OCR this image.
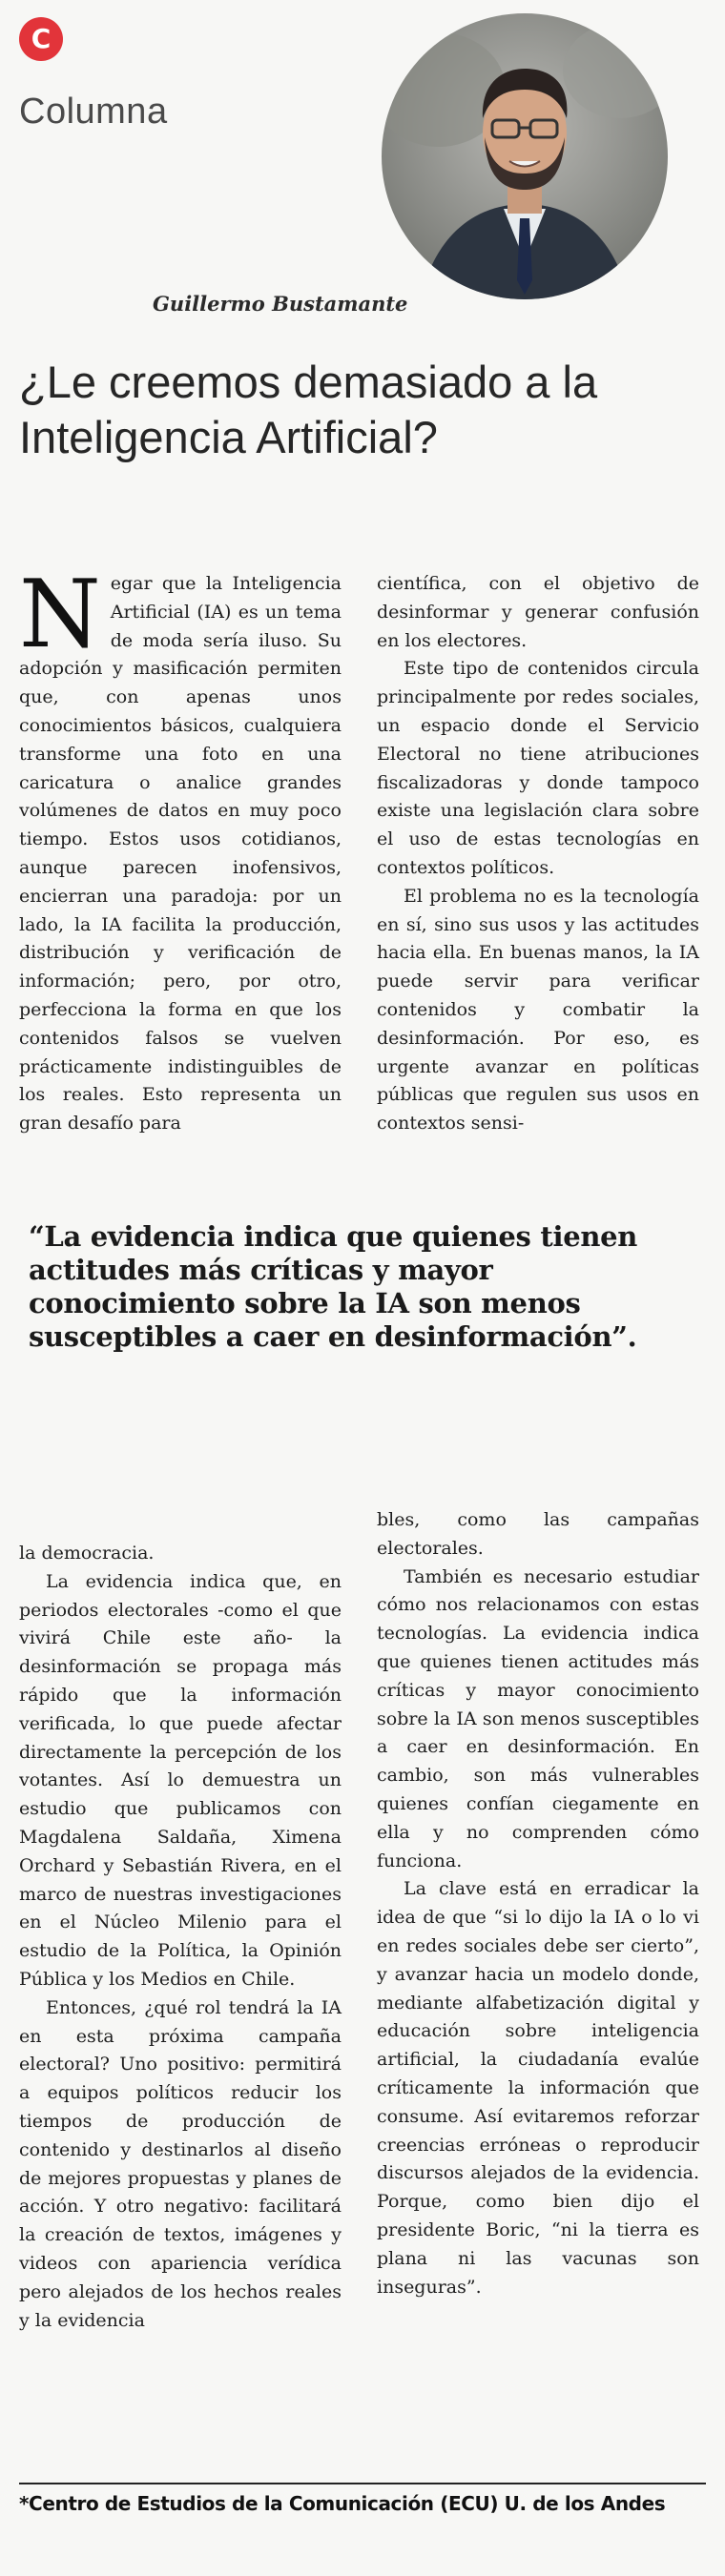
C
Columna
Guillermo Bustamante
¿Le creemos demasiado a la Inteligencia Artificial?

Negar que la Inteligencia Artificial (IA) es un tema de moda sería iluso. Su adopción y masificación permiten que, con apenas unos conocimientos básicos, cualquiera transforme una foto en una caricatura o analice grandes volúmenes de datos en muy poco tiempo. Estos usos cotidianos, aunque parecen inofensivos, encierran una paradoja: por un lado, la IA facilita la producción, distribución y verificación de información; pero, por otro, perfecciona la forma en que los contenidos falsos se vuelven prácticamente indistinguibles de los reales. Esto representa un gran desafío para

científica, con el objetivo de desinformar y generar confusión en los electores.

Este tipo de contenidos circula principalmente por redes sociales, un espacio donde el Servicio Electoral no tiene atribuciones fiscalizadoras y donde tampoco existe una legislación clara sobre el uso de estas tecnologías en contextos políticos.

El problema no es la tecnología en sí, sino sus usos y las actitudes hacia ella. En buenas manos, la IA puede servir para verificar contenidos y combatir la desinformación. Por eso, es urgente avanzar en políticas públicas que regulen sus usos en contextos sensi-

“La evidencia indica que quienes tienen actitudes más críticas y mayor conocimiento sobre la IA son menos susceptibles a caer en desinformación”.

la democracia.

La evidencia indica que, en periodos electorales -como el que vivirá Chile este año- la desinformación se propaga más rápido que la información verificada, lo que puede afectar directamente la percepción de los votantes. Así lo demuestra un estudio que publicamos con Magdalena Saldaña, Ximena Orchard y Sebastián Rivera, en el marco de nuestras investigaciones en el Núcleo Milenio para el estudio de la Política, la Opinión Pública y los Medios en Chile.

Entonces, ¿qué rol tendrá la IA en esta próxima campaña electoral? Uno positivo: permitirá a equipos políticos reducir los tiempos de producción de contenido y destinarlos al diseño de mejores propuestas y planes de acción. Y otro negativo: facilitará la creación de textos, imágenes y videos con apariencia verídica pero alejados de los hechos reales y la evidencia

bles, como las campañas electorales.

También es necesario estudiar cómo nos relacionamos con estas tecnologías. La evidencia indica que quienes tienen actitudes más críticas y mayor conocimiento sobre la IA son menos susceptibles a caer en desinformación. En cambio, son más vulnerables quienes confían ciegamente en ella y no comprenden cómo funciona.

La clave está en erradicar la idea de que “si lo dijo la IA o lo vi en redes sociales debe ser cierto”, y avanzar hacia un modelo donde, mediante alfabetización digital y educación sobre inteligencia artificial, la ciudadanía evalúe críticamente la información que consume. Así evitaremos reforzar creencias erróneas o reproducir discursos alejados de la evidencia. Porque, como bien dijo el presidente Boric, “ni la tierra es plana ni las vacunas son inseguras”.

*Centro de Estudios de la Comunicación (ECU) U. de los Andes
